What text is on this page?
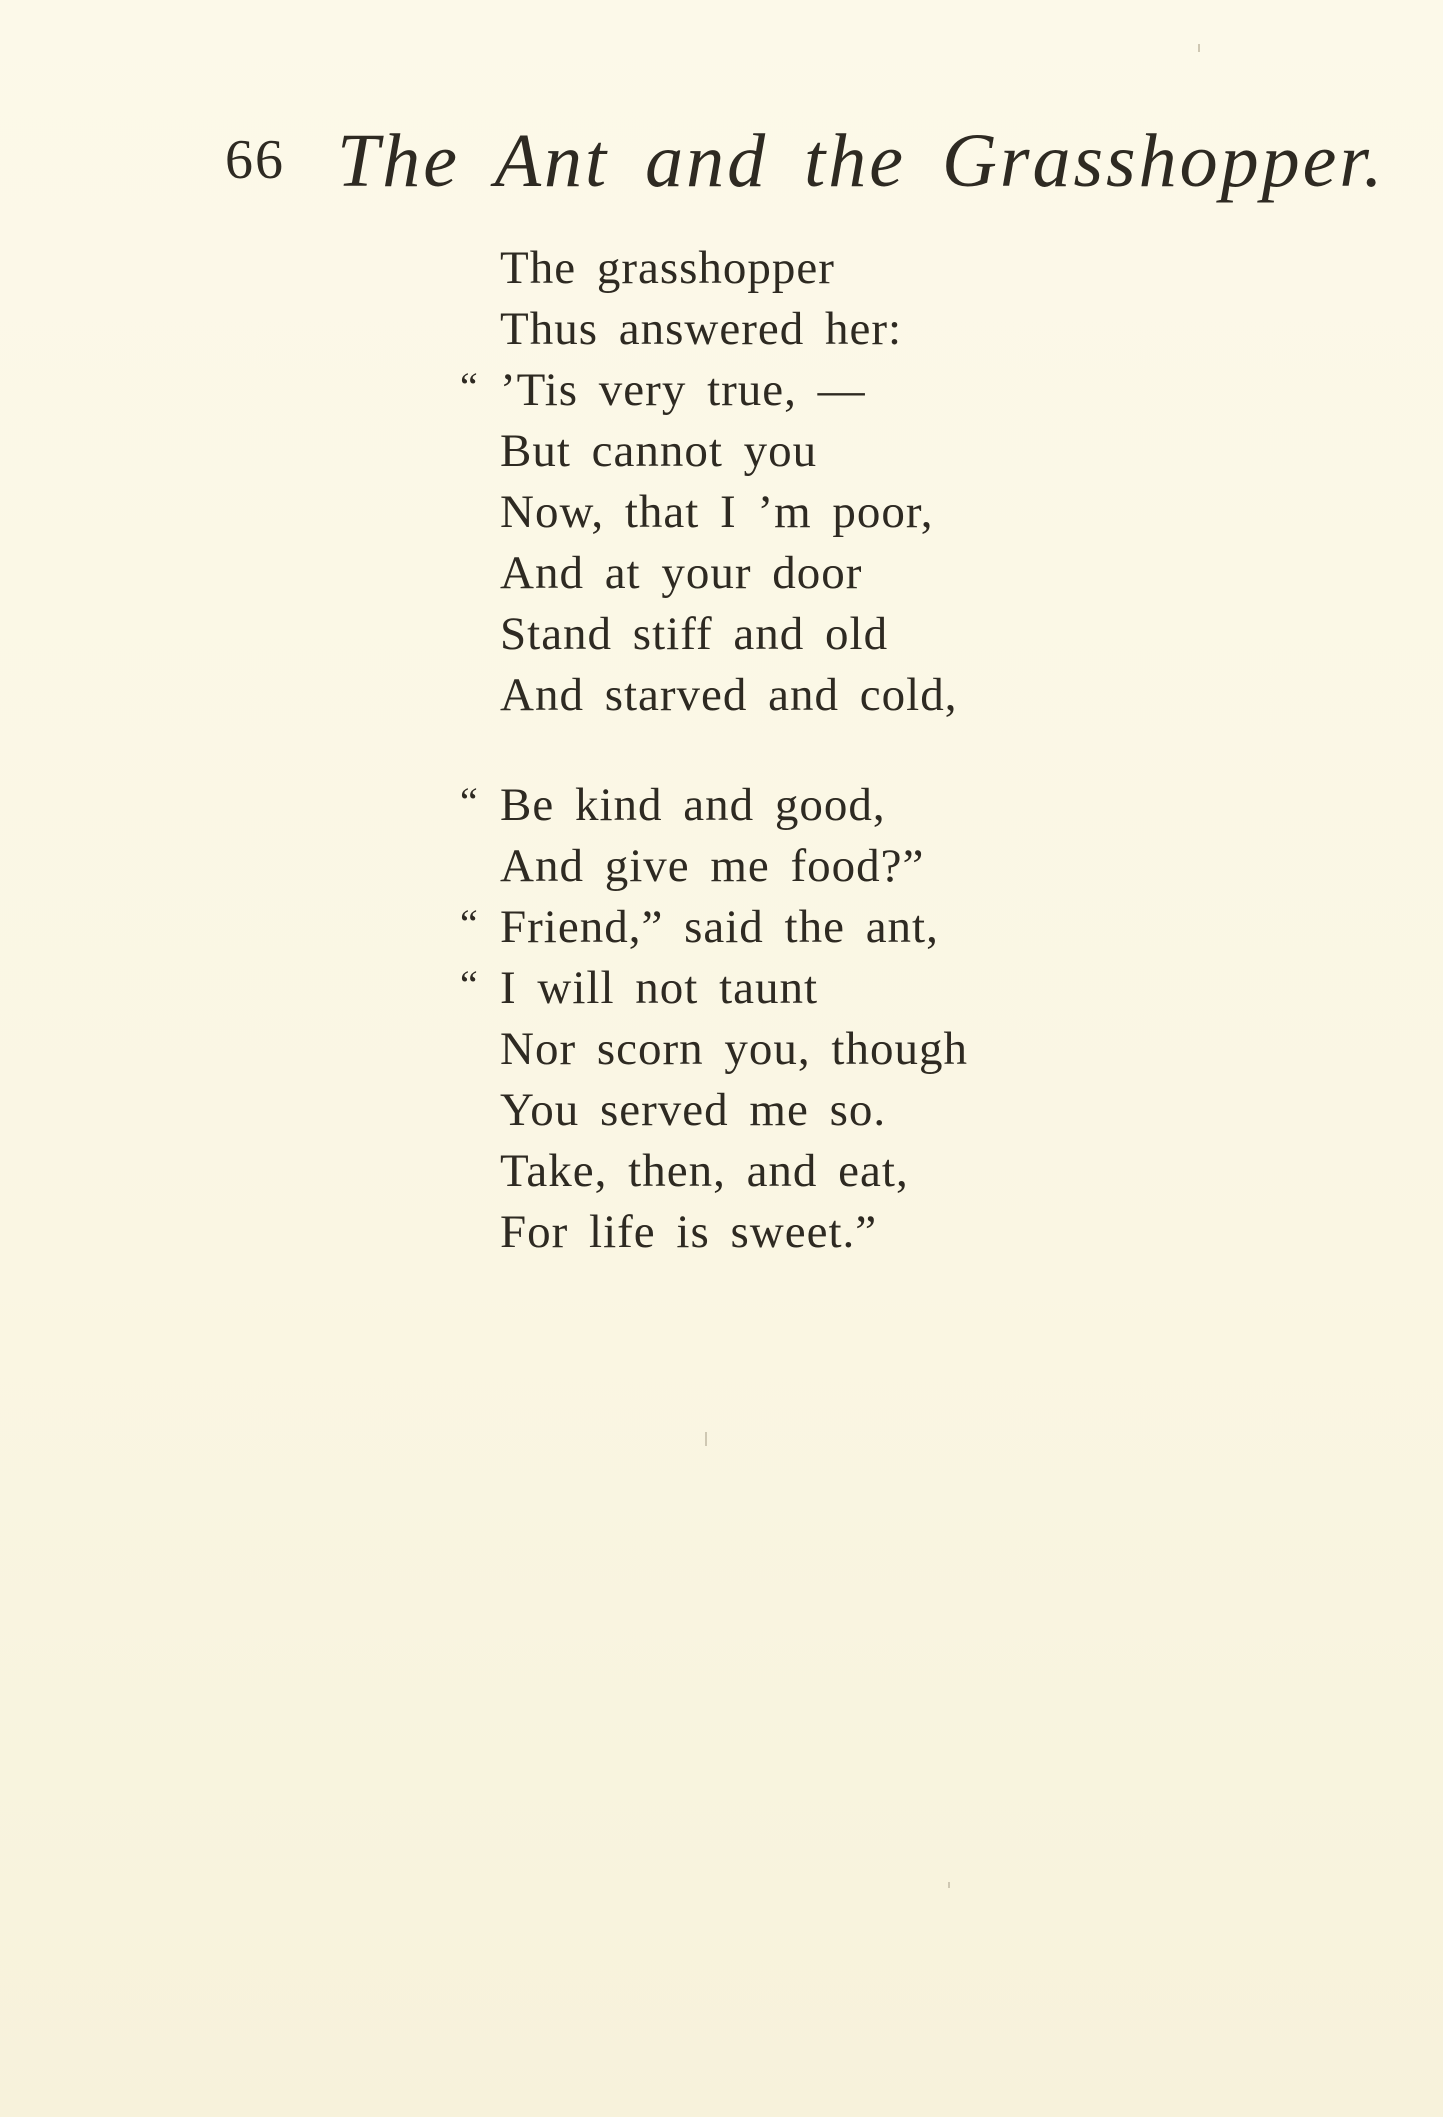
66 The Ant and the Grasshopper.
The grasshopper
Thus answered her:
“ ’Tis very true, —
But cannot you
Now, that I ’m poor,
And at your door
Stand stiff and old
And starved and cold,
“ Be kind and good,
And give me food?”
“ Friend,” said the ant,
“ I will not taunt
Nor scorn you, though
You served me so.
Take, then, and eat,
For life is sweet.”
